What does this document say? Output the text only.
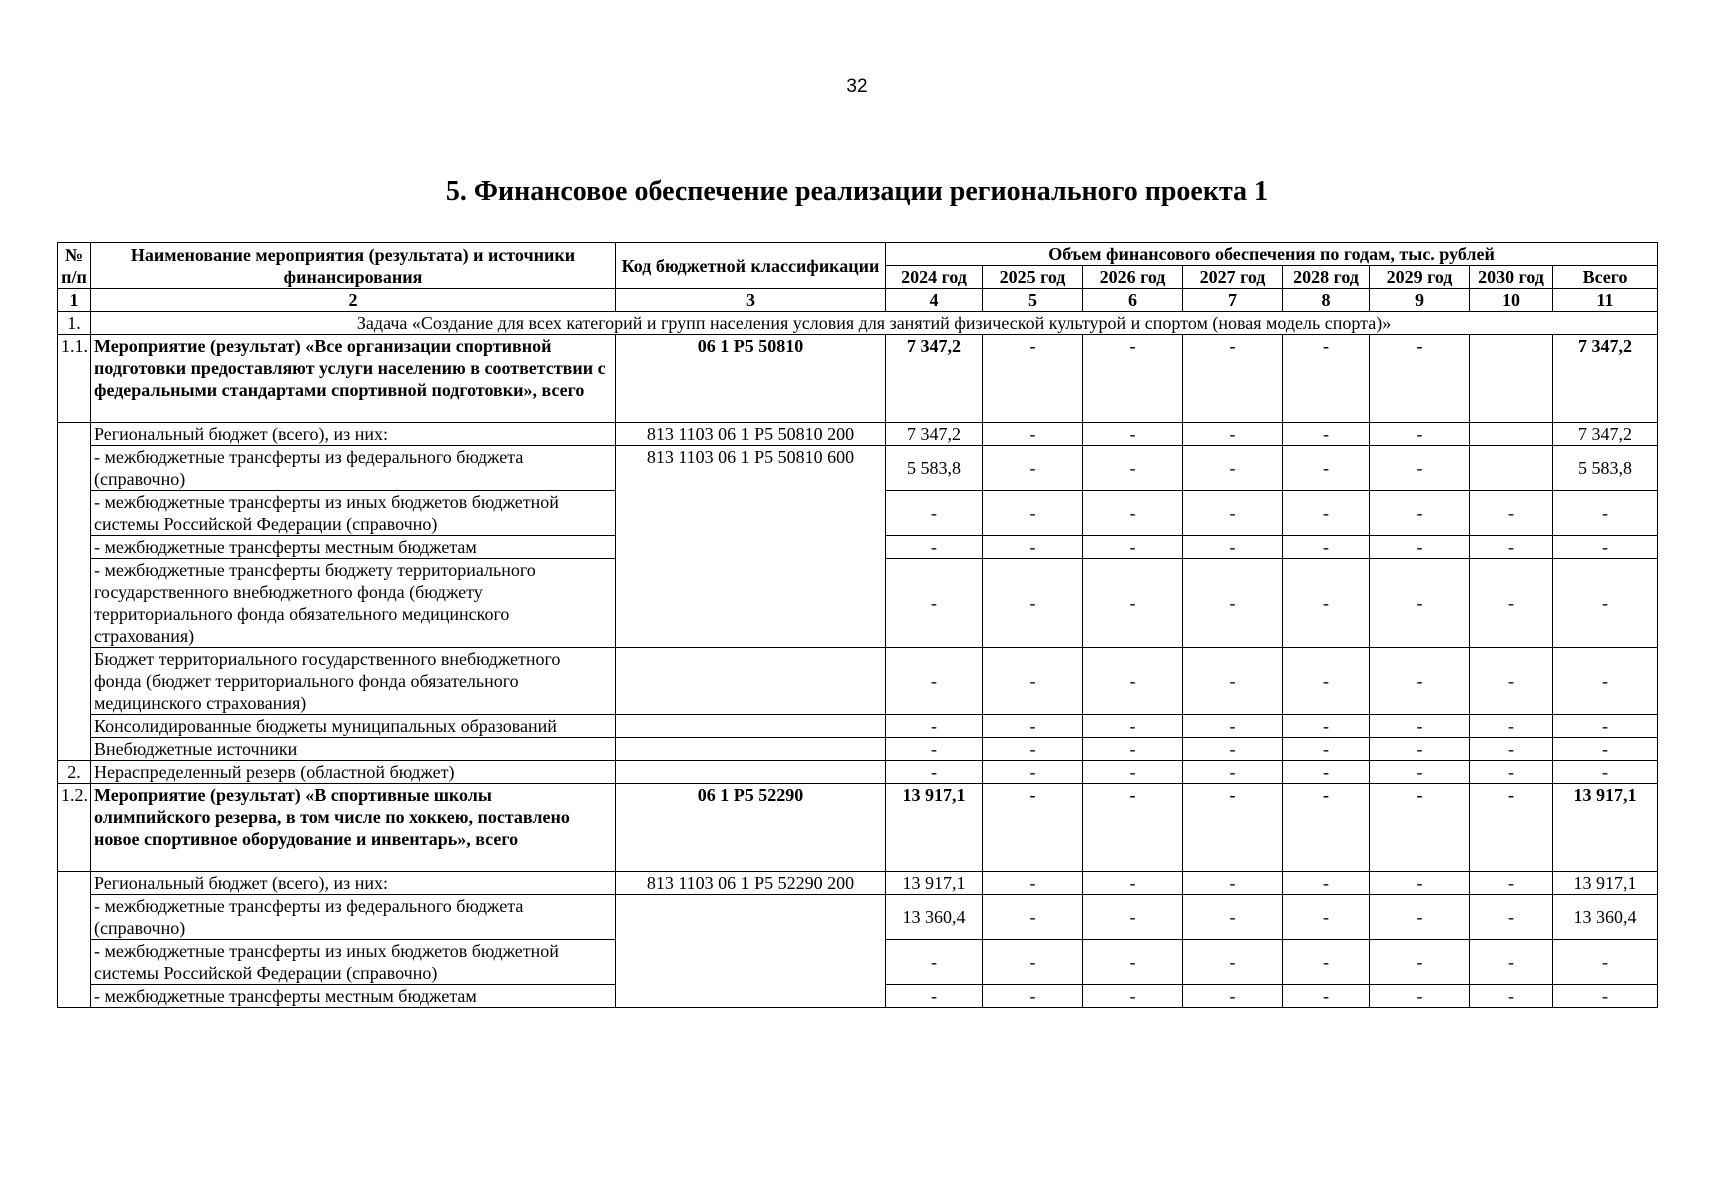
32
5. Финансовое обеспечение реализации регионального проекта 1
№ п/п	Наименование мероприятия (результата) и источники финансирования	Код бюджетной классификации	Объем финансового обеспечения по годам, тыс. рублей							
			2024 год	2025 год	2026 год	2027 год	2028 год	2029 год	2030 год	Всего
1	2	3	4	5	6	7	8	9	10	11
1.	Задача «Создание для всех категорий и групп населения условия для занятий физической культурой и спортом (новая модель спорта)»									
1.1.	Мероприятие (результат) «Все организации спортивной подготовки предоставляют услуги населению в соответствии с федеральными стандартами спортивной подготовки», всего	06 1 Р5 50810	7 347,2	-	-	-	-	-		7 347,2
	Региональный бюджет (всего), из них:	813 1103 06 1 Р5 50810 200	7 347,2	-	-	-	-	-		7 347,2
	- межбюджетные трансферты из федерального бюджета (справочно)	813 1103 06 1 Р5 50810 600	5 583,8	-	-	-	-	-		5 583,8
	- межбюджетные трансферты из иных бюджетов бюджетной системы Российской Федерации (справочно)		-	-	-	-	-	-	-	-
	- межбюджетные трансферты местным бюджетам		-	-	-	-	-	-	-	-
	- межбюджетные трансферты бюджету территориального государственного внебюджетного фонда (бюджету территориального фонда обязательного медицинского страхования)		-	-	-	-	-	-	-	-
	Бюджет территориального государственного внебюджетного фонда (бюджет территориального фонда обязательного медицинского страхования)		-	-	-	-	-	-	-	-
	Консолидированные бюджеты муниципальных образований		-	-	-	-	-	-	-	-
	Внебюджетные источники		-	-	-	-	-	-	-	-
2.	Нераспределенный резерв (областной бюджет)		-	-	-	-	-	-	-	-
1.2.	Мероприятие (результат) «В спортивные школы олимпийского резерва, в том числе по хоккею, поставлено новое спортивное оборудование и инвентарь», всего	06 1 Р5 52290	13 917,1	-	-	-	-	-	-	13 917,1
	Региональный бюджет (всего), из них:	813 1103 06 1 Р5 52290 200	13 917,1	-	-	-	-	-	-	13 917,1
	- межбюджетные трансферты из федерального бюджета (справочно)		13 360,4	-	-	-	-	-	-	13 360,4
	- межбюджетные трансферты из иных бюджетов бюджетной системы Российской Федерации (справочно)		-	-	-	-	-	-	-	-
	- межбюджетные трансферты местным бюджетам		-	-	-	-	-	-	-	-
